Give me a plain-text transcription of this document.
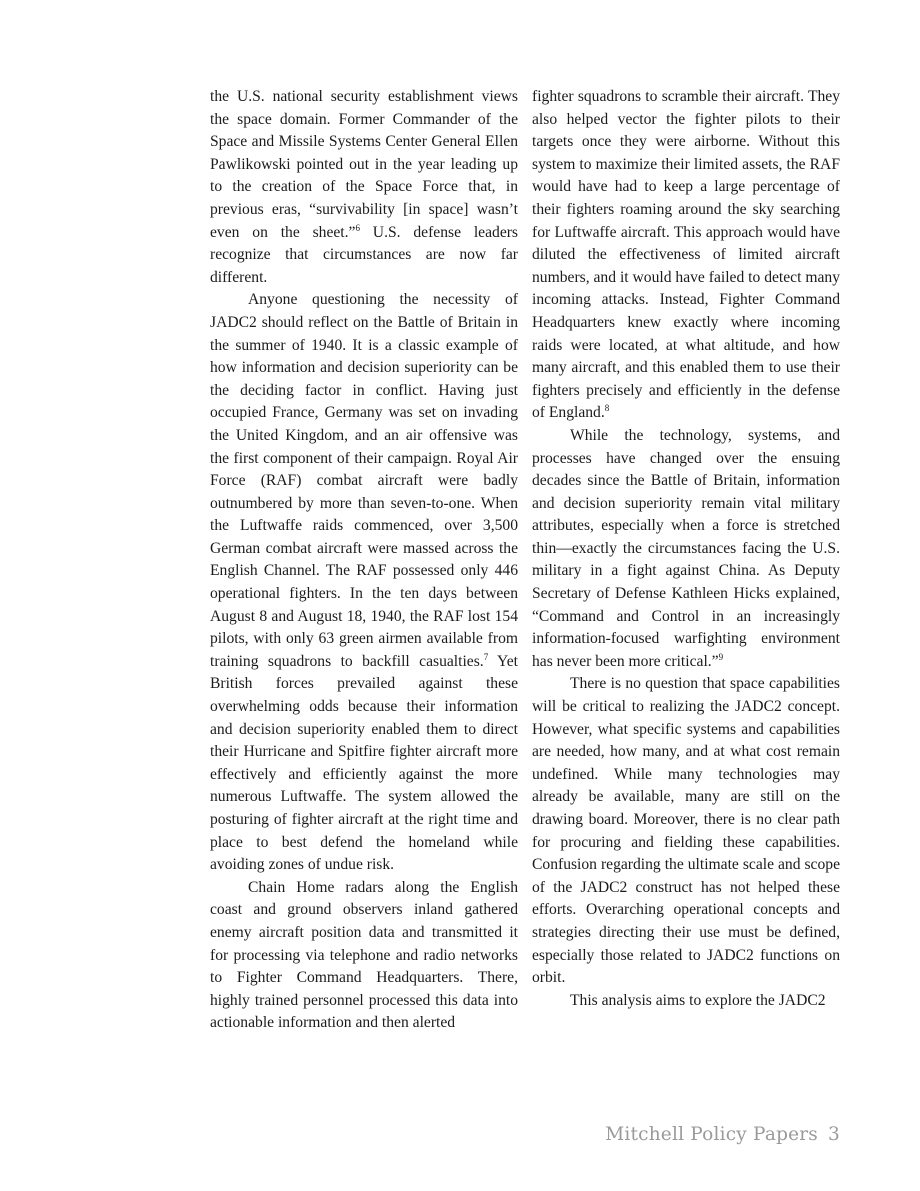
the U.S. national security establishment views the space domain. Former Commander of the Space and Missile Systems Center General Ellen Pawlikowski pointed out in the year leading up to the creation of the Space Force that, in previous eras, “survivability [in space] wasn’t even on the sheet.”$^6$ U.S. defense leaders recognize that circumstances are now far different.

Anyone questioning the necessity of JADC2 should reflect on the Battle of Britain in the summer of 1940. It is a classic example of how information and decision superiority can be the deciding factor in conflict. Having just occupied France, Germany was set on invading the United Kingdom, and an air offensive was the first component of their campaign. Royal Air Force (RAF) combat aircraft were badly outnumbered by more than seven-to-one. When the Luftwaffe raids commenced, over 3,500 German combat aircraft were massed across the English Channel. The RAF possessed only 446 operational fighters. In the ten days between August 8 and August 18, 1940, the RAF lost 154 pilots, with only 63 green airmen available from training squadrons to backfill casualties.$^7$ Yet British forces prevailed against these overwhelming odds because their information and decision superiority enabled them to direct their Hurricane and Spitfire fighter aircraft more effectively and efficiently against the more numerous Luftwaffe. The system allowed the posturing of fighter aircraft at the right time and place to best defend the homeland while avoiding zones of undue risk.

Chain Home radars along the English coast and ground observers inland gathered enemy aircraft position data and transmitted it for processing via telephone and radio networks to Fighter Command Headquarters. There, highly trained personnel processed this data into actionable information and then alerted

fighter squadrons to scramble their aircraft. They also helped vector the fighter pilots to their targets once they were airborne. Without this system to maximize their limited assets, the RAF would have had to keep a large percentage of their fighters roaming around the sky searching for Luftwaffe aircraft. This approach would have diluted the effectiveness of limited aircraft numbers, and it would have failed to detect many incoming attacks. Instead, Fighter Command Headquarters knew exactly where incoming raids were located, at what altitude, and how many aircraft, and this enabled them to use their fighters precisely and efficiently in the defense of England.$^8$

While the technology, systems, and processes have changed over the ensuing decades since the Battle of Britain, information and decision superiority remain vital military attributes, especially when a force is stretched thin—exactly the circumstances facing the U.S. military in a fight against China. As Deputy Secretary of Defense Kathleen Hicks explained, “Command and Control in an increasingly information-focused warfighting environment has never been more critical.”$^9$

There is no question that space capabilities will be critical to realizing the JADC2 concept. However, what specific systems and capabilities are needed, how many, and at what cost remain undefined. While many technologies may already be available, many are still on the drawing board. Moreover, there is no clear path for procuring and fielding these capabilities. Confusion regarding the ultimate scale and scope of the JADC2 construct has not helped these efforts. Overarching operational concepts and strategies directing their use must be defined, especially those related to JADC2 functions on orbit.

This analysis aims to explore the JADC2

Mitchell Policy Papers 3
